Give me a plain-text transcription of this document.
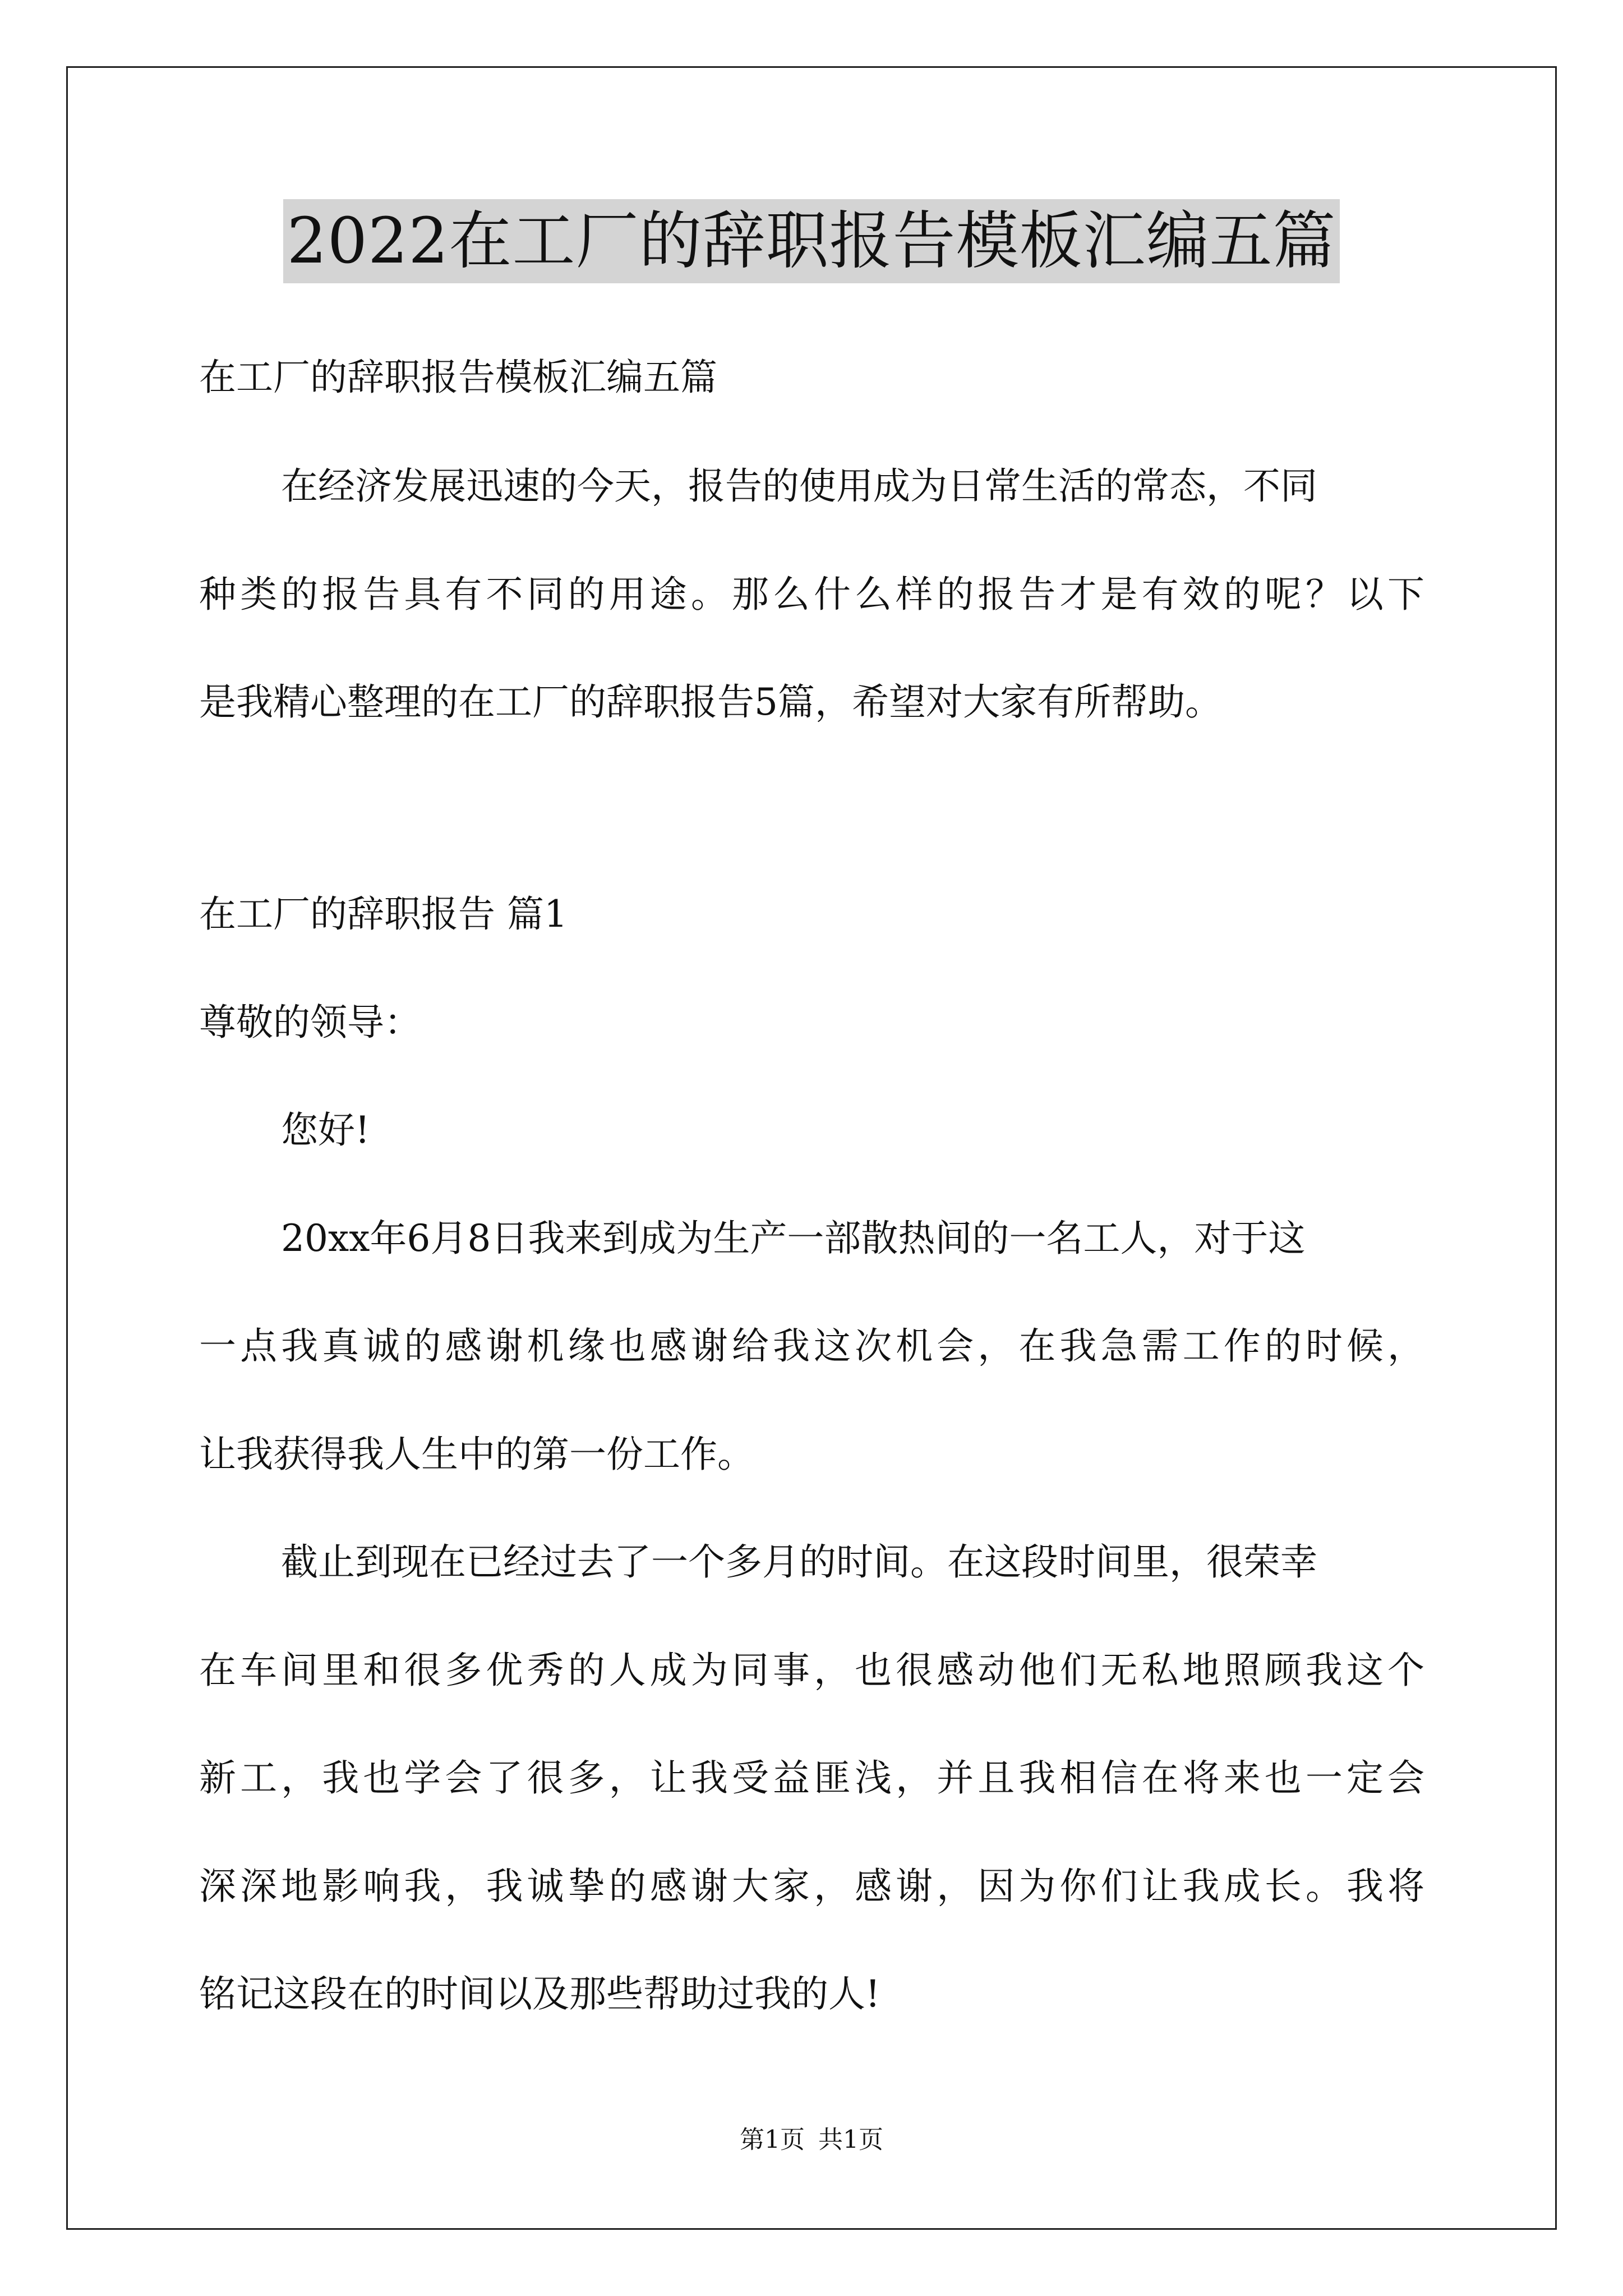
2022在工厂的辞职报告模板汇编五篇
在工厂的辞职报告模板汇编五篇
在经济发展迅速的今天，报告的使用成为日常生活的常态，不同
种类的报告具有不同的用途。那么什么样的报告才是有效的呢？以下
是我精心整理的在工厂的辞职报告5篇，希望对大家有所帮助。
在工厂的辞职报告 篇1
尊敬的领导：
您好!
20xx年6月8日我来到成为生产一部散热间的一名工人，对于这
一点我真诚的感谢机缘也感谢给我这次机会，在我急需工作的时候，
让我获得我人生中的第一份工作。
截止到现在已经过去了一个多月的时间。在这段时间里，很荣幸
在车间里和很多优秀的人成为同事，也很感动他们无私地照顾我这个
新工，我也学会了很多，让我受益匪浅，并且我相信在将来也一定会
深深地影响我，我诚挚的感谢大家，感谢，因为你们让我成长。我将
铭记这段在的时间以及那些帮助过我的人!
第1页 共1页
